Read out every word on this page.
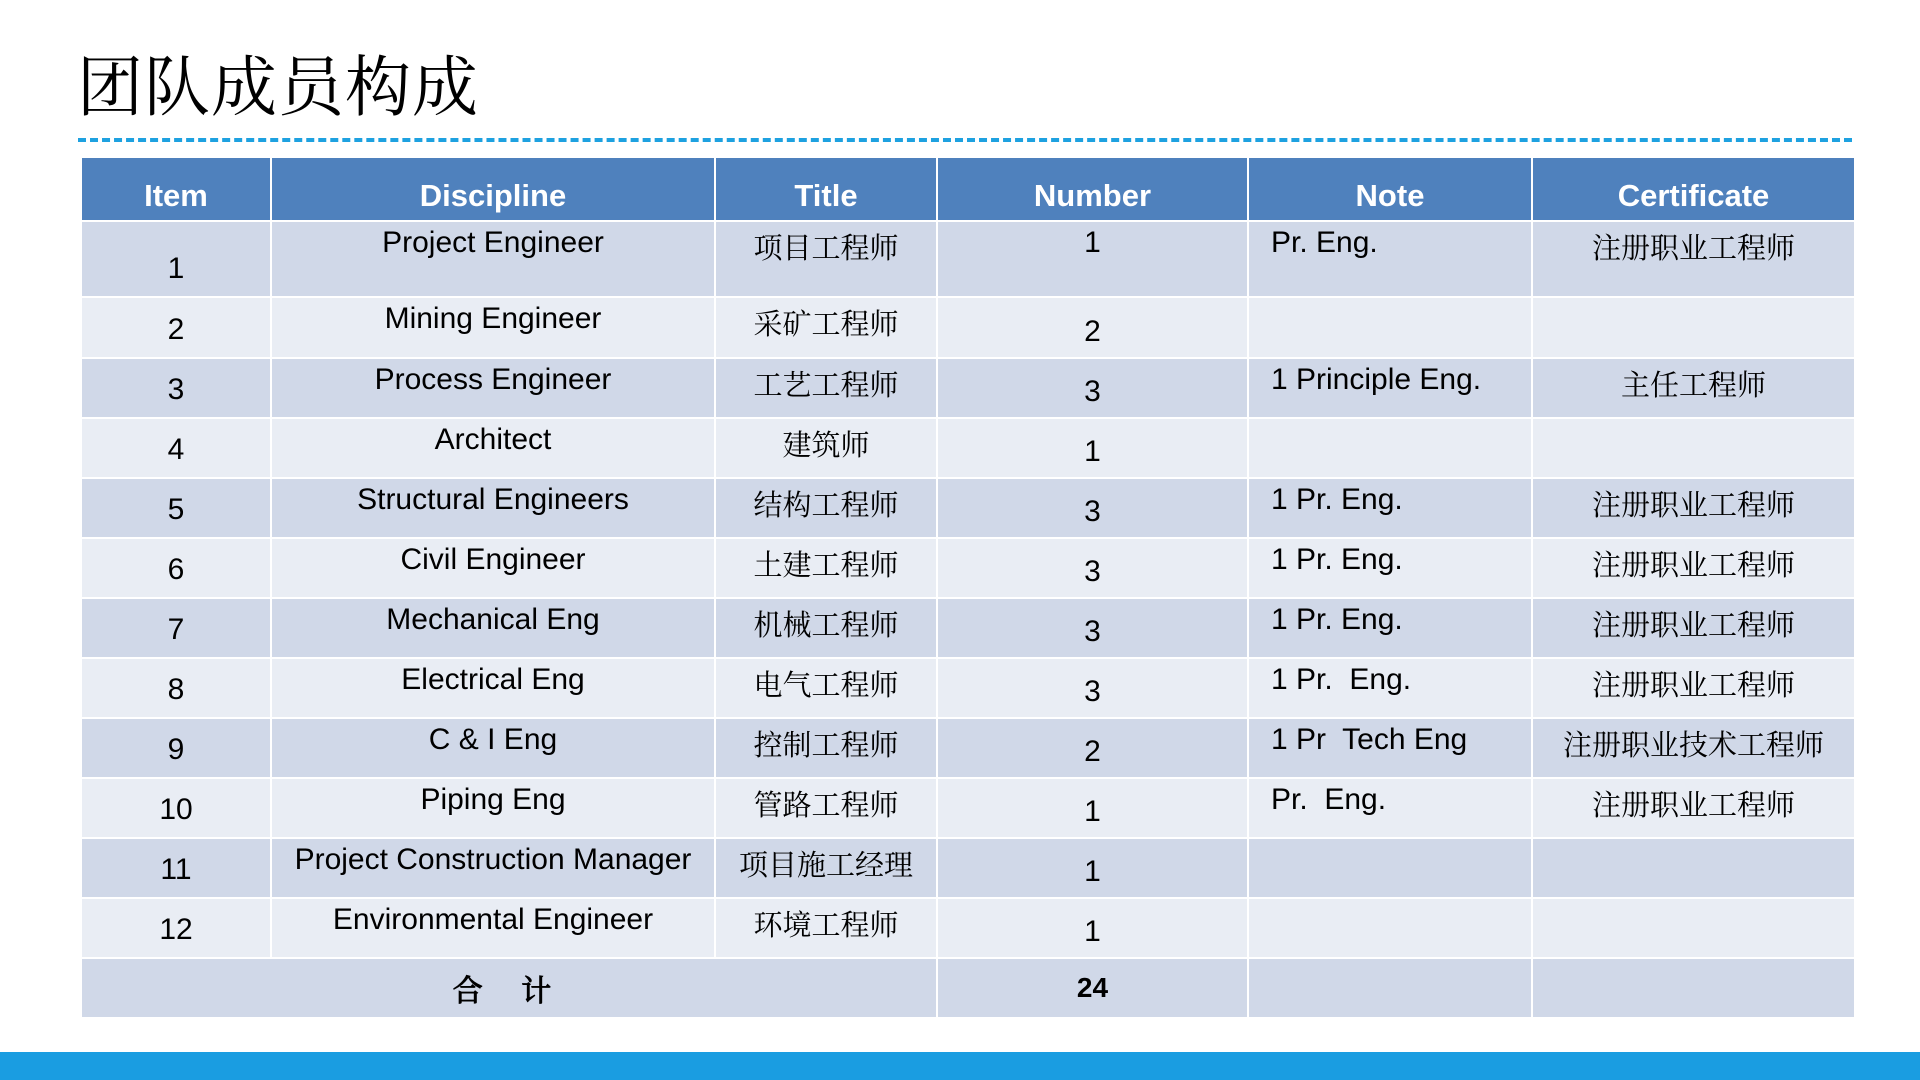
团队成员构成
Item	Discipline	Title	Number	Note	Certificate
1	Project Engineer	项目工程师	1	Pr. Eng.	注册职业工程师
2	Mining Engineer	采矿工程师	2		
3	Process Engineer	工艺工程师	3	1 Principle Eng.	主任工程师
4	Architect	建筑师	1		
5	Structural Engineers	结构工程师	3	1 Pr. Eng.	注册职业工程师
6	Civil Engineer	土建工程师	3	1 Pr. Eng.	注册职业工程师
7	Mechanical Eng	机械工程师	3	1 Pr. Eng.	注册职业工程师
8	Electrical Eng	电气工程师	3	1 Pr.  Eng.	注册职业工程师
9	C & I Eng	控制工程师	2	1 Pr  Tech Eng	注册职业技术工程师
10	Piping Eng	管路工程师	1	Pr.  Eng.	注册职业工程师
11	Project Construction Manager	项目施工经理	1		
12	Environmental Engineer	环境工程师	1		
合 计			24		
